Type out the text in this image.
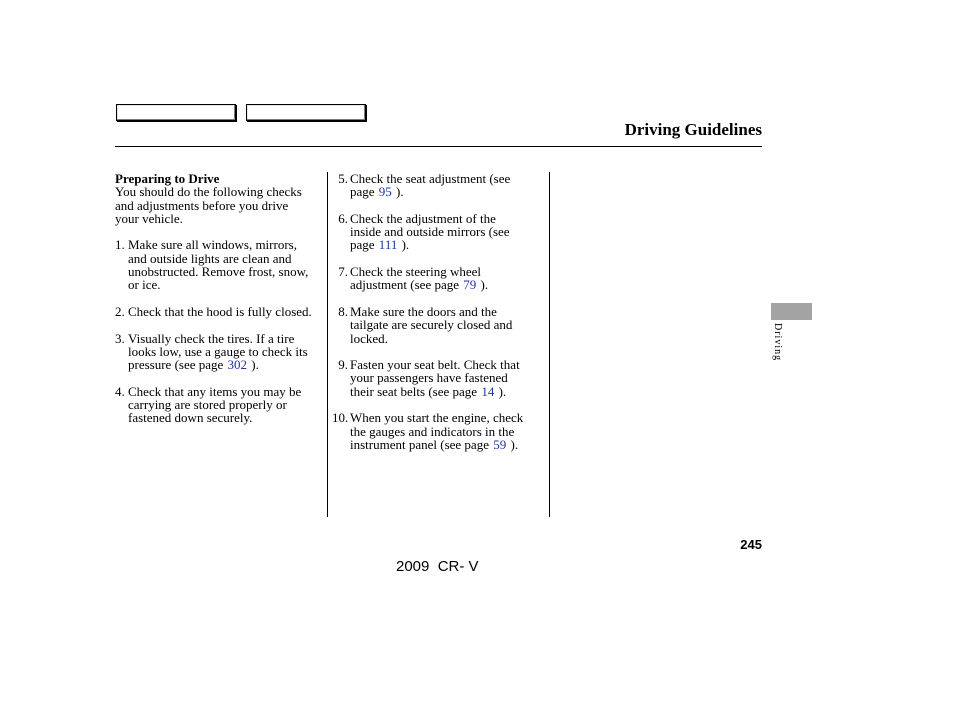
Driving Guidelines
Preparing to Drive
You should do the following checks
and adjustments before you drive
your vehicle.
1. Make sure all windows, mirrors,
and outside lights are clean and
unobstructed. Remove frost, snow,
or ice.
2. Check that the hood is fully closed.
3. Visually check the tires. If a tire
looks low, use a gauge to check its
pressure (see page 302 ).
4. Check that any items you may be
carrying are stored properly or
fastened down securely.
5. Check the seat adjustment (see
page 95 ).
6. Check the adjustment of the
inside and outside mirrors (see
page 111 ).
7. Check the steering wheel
adjustment (see page 79 ).
8. Make sure the doors and the
tailgate are securely closed and
locked.
9. Fasten your seat belt. Check that
your passengers have fastened
their seat belts (see page 14 ).
10. When you start the engine, check
the gauges and indicators in the
instrument panel (see page 59 ).
Driving
245
2009  CR- V
